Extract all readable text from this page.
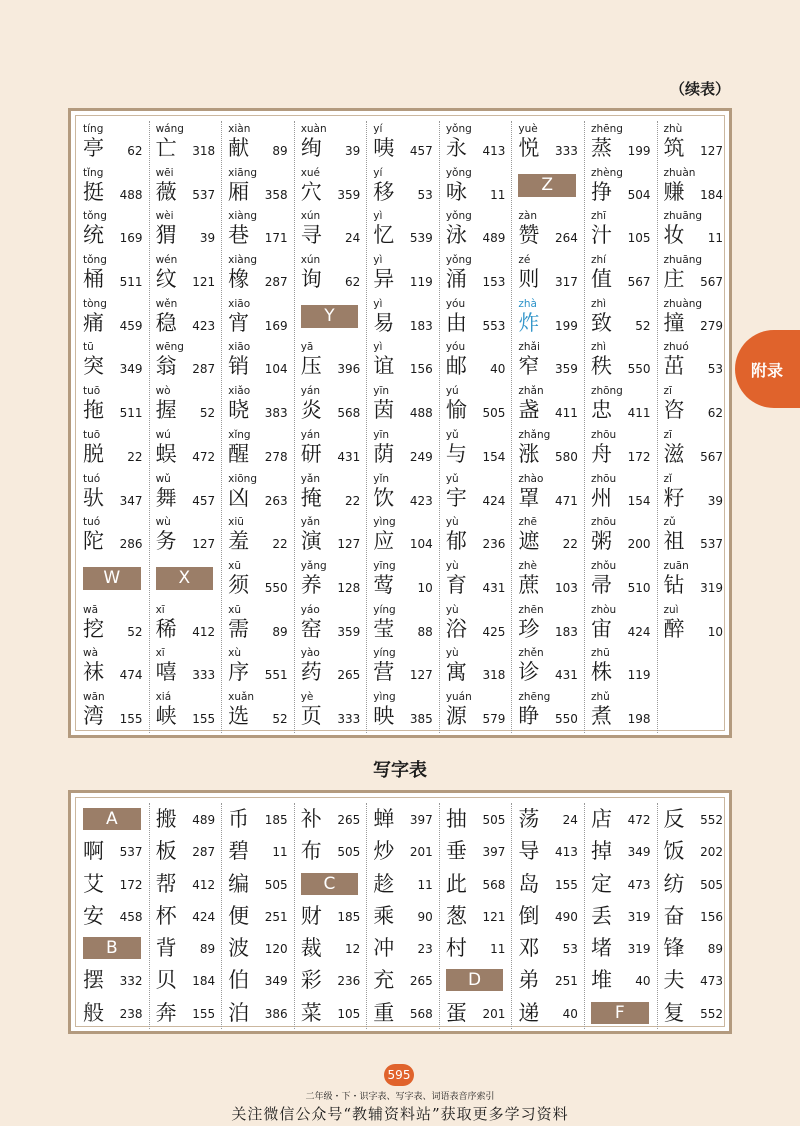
（续表）
tíng
亭 62
tǐng
挺 488
tǒng
统 169
tǒng
桶 511
tòng
痛 459
tū
突 349
tuō
拖 511
tuō
脱 22
tuó
驮 347
tuó
陀 286
W
wā
挖 52
wà
袜 474
wān
湾 155
wáng
亡 318
wēi
薇 537
wèi
猬 39
wén
纹 121
wěn
稳 423
wēng
翁 287
wò
握 52
wú
蜈 472
wǔ
舞 457
wù
务 127
X
xī
稀 412
xī
嘻 333
xiá
峡 155
xiàn
献 89
xiāng
厢 358
xiàng
巷 171
xiàng
橡 287
xiāo
宵 169
xiāo
销 104
xiǎo
晓 383
xǐng
醒 278
xiōng
凶 263
xiū
羞 22
xū
须 550
xū
需 89
xù
序 551
xuǎn
选 52
xuàn
绚 39
xué
穴 359
xún
寻 24
xún
询 62
Y
yā
压 396
yán
炎 568
yán
研 431
yǎn
掩 22
yǎn
演 127
yǎng
养 128
yáo
窑 359
yào
药 265
yè
页 333
yí
咦 457
yí
移 53
yì
忆 539
yì
异 119
yì
易 183
yì
谊 156
yīn
茵 488
yīn
荫 249
yǐn
饮 423
yìng
应 104
yīng
莺 10
yíng
莹 88
yíng
营 127
yìng
映 385
yǒng
永 413
yǒng
咏 11
yǒng
泳 489
yǒng
涌 153
yóu
由 553
yóu
邮 40
yú
愉 505
yǔ
与 154
yǔ
宇 424
yù
郁 236
yù
育 431
yù
浴 425
yù
寓 318
yuán
源 579
yuè
悦 333
Z
zàn
赞 264
zé
则 317
zhà
炸 199
zhǎi
窄 359
zhǎn
盏 411
zhǎng
涨 580
zhào
罩 471
zhē
遮 22
zhè
蔗 103
zhēn
珍 183
zhěn
诊 431
zhēng
睁 550
zhēng
蒸 199
zhèng
挣 504
zhī
汁 105
zhí
值 567
zhì
致 52
zhì
秩 550
zhōng
忠 411
zhōu
舟 172
zhōu
州 154
zhōu
粥 200
zhǒu
帚 510
zhòu
宙 424
zhū
株 119
zhǔ
煮 198
zhù
筑 127
zhuàn
赚 184
zhuāng
妆 11
zhuāng
庄 567
zhuàng
撞 279
zhuó
茁 53
zī
咨 62
zī
滋 567
zǐ
籽 39
zǔ
祖 537
zuān
钻 319
zuì
醉 10
写字表
A
啊 537
艾 172
安 458
B
摆 332
般 238
搬 489
板 287
帮 412
杯 424
背 89
贝 184
奔 155
币 185
碧 11
编 505
便 251
波 120
伯 349
泊 386
补 265
布 505
C
财 185
裁 12
彩 236
菜 105
蝉 397
炒 201
趁 11
乘 90
冲 23
充 265
重 568
抽 505
垂 397
此 568
葱 121
村 11
D
蛋 201
荡 24
导 413
岛 155
倒 490
邓 53
弟 251
递 40
店 472
掉 349
定 473
丢 319
堵 319
堆 40
F
反 552
饭 202
纺 505
奋 156
锋 89
夫 473
复 552
附录
595
二年级・下・识字表、写字表、词语表音序索引
关注微信公众号“教辅资料站”获取更多学习资料
